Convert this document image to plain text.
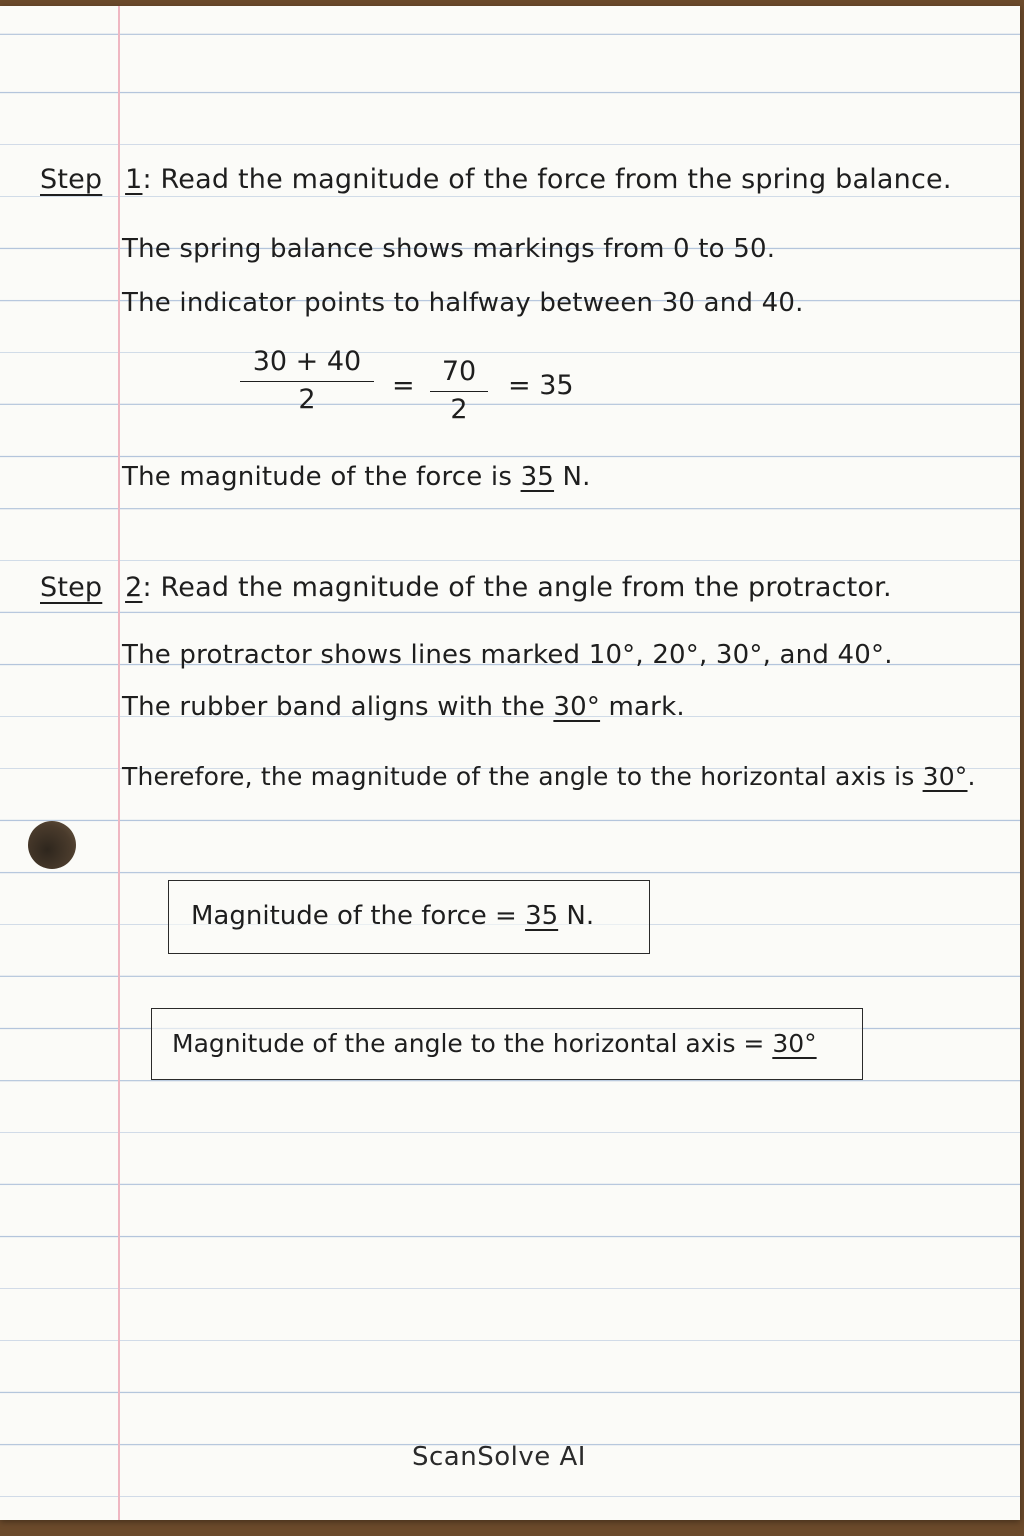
Step 1: Read the magnitude of the force from the spring balance.
The spring balance shows markings from 0 to 50.
The indicator points to halfway between 30 and 40.
$\frac{30 + 40}{2} = \frac{70}{2} = 35$
The magnitude of the force is 35 N.
Step 2: Read the magnitude of the angle from the protractor.
The protractor shows lines marked 10°, 20°, 30°, and 40°.
The rubber band aligns with the 30° mark.
Therefore, the magnitude of the angle to the horizontal axis is 30°.
Magnitude of the force = 35 N.
Magnitude of the angle to the horizontal axis = 30°
ScanSolve AI
